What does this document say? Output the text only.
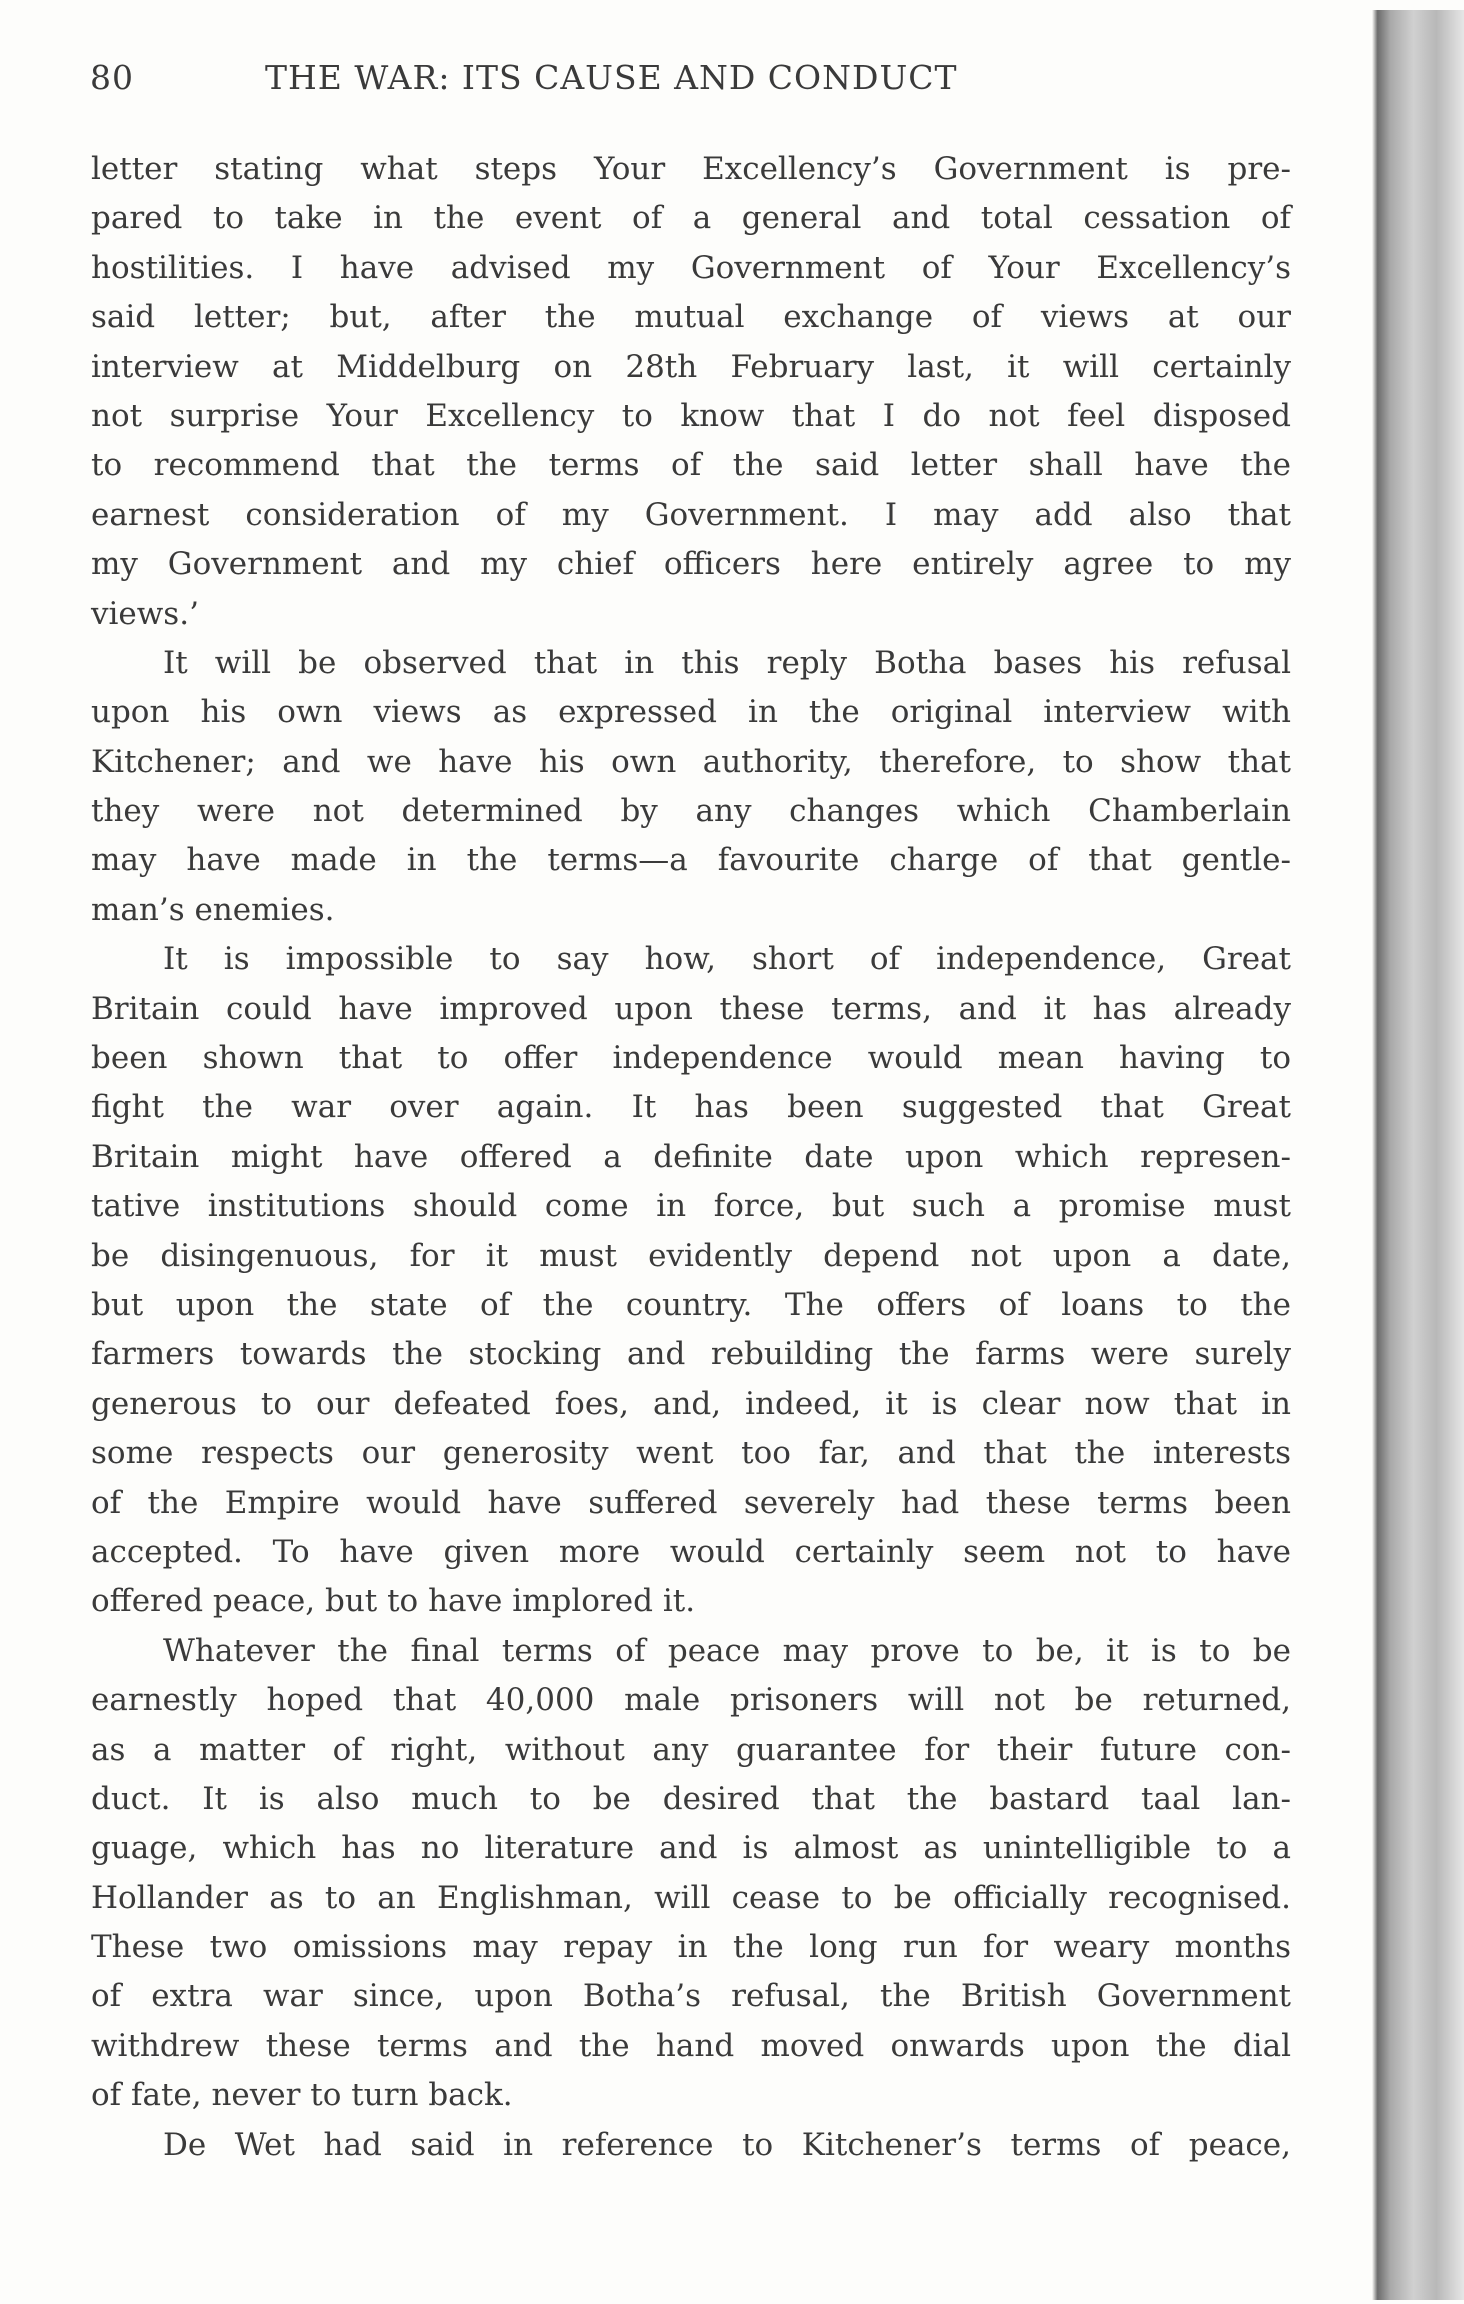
80	THE WAR: ITS CAUSE AND CONDUCT
letter stating what steps Your Excellency’s Government is pre-
pared to take in the event of a general and total cessation of
hostilities. I have advised my Government of Your Excellency’s
said letter; but, after the mutual exchange of views at our
interview at Middelburg on 28th February last, it will certainly
not surprise Your Excellency to know that I do not feel disposed
to recommend that the terms of the said letter shall have the
earnest consideration of my Government. I may add also that
my Government and my chief officers here entirely agree to my
views.’
It will be observed that in this reply Botha bases his refusal
upon his own views as expressed in the original interview with
Kitchener; and we have his own authority, therefore, to show that
they were not determined by any changes which Chamberlain
may have made in the terms—a favourite charge of that gentle-
man’s enemies.
It is impossible to say how, short of independence, Great
Britain could have improved upon these terms, and it has already
been shown that to offer independence would mean having to
fight the war over again. It has been suggested that Great
Britain might have offered a definite date upon which represen-
tative institutions should come in force, but such a promise must
be disingenuous, for it must evidently depend not upon a date,
but upon the state of the country. The offers of loans to the
farmers towards the stocking and rebuilding the farms were surely
generous to our defeated foes, and, indeed, it is clear now that in
some respects our generosity went too far, and that the interests
of the Empire would have suffered severely had these terms been
accepted. To have given more would certainly seem not to have
offered peace, but to have implored it.
Whatever the final terms of peace may prove to be, it is to be
earnestly hoped that 40,000 male prisoners will not be returned,
as a matter of right, without any guarantee for their future con-
duct. It is also much to be desired that the bastard taal lan-
guage, which has no literature and is almost as unintelligible to a
Hollander as to an Englishman, will cease to be officially recognised.
These two omissions may repay in the long run for weary months
of extra war since, upon Botha’s refusal, the British Government
withdrew these terms and the hand moved onwards upon the dial
of fate, never to turn back.
De Wet had said in reference to Kitchener’s terms of peace,
